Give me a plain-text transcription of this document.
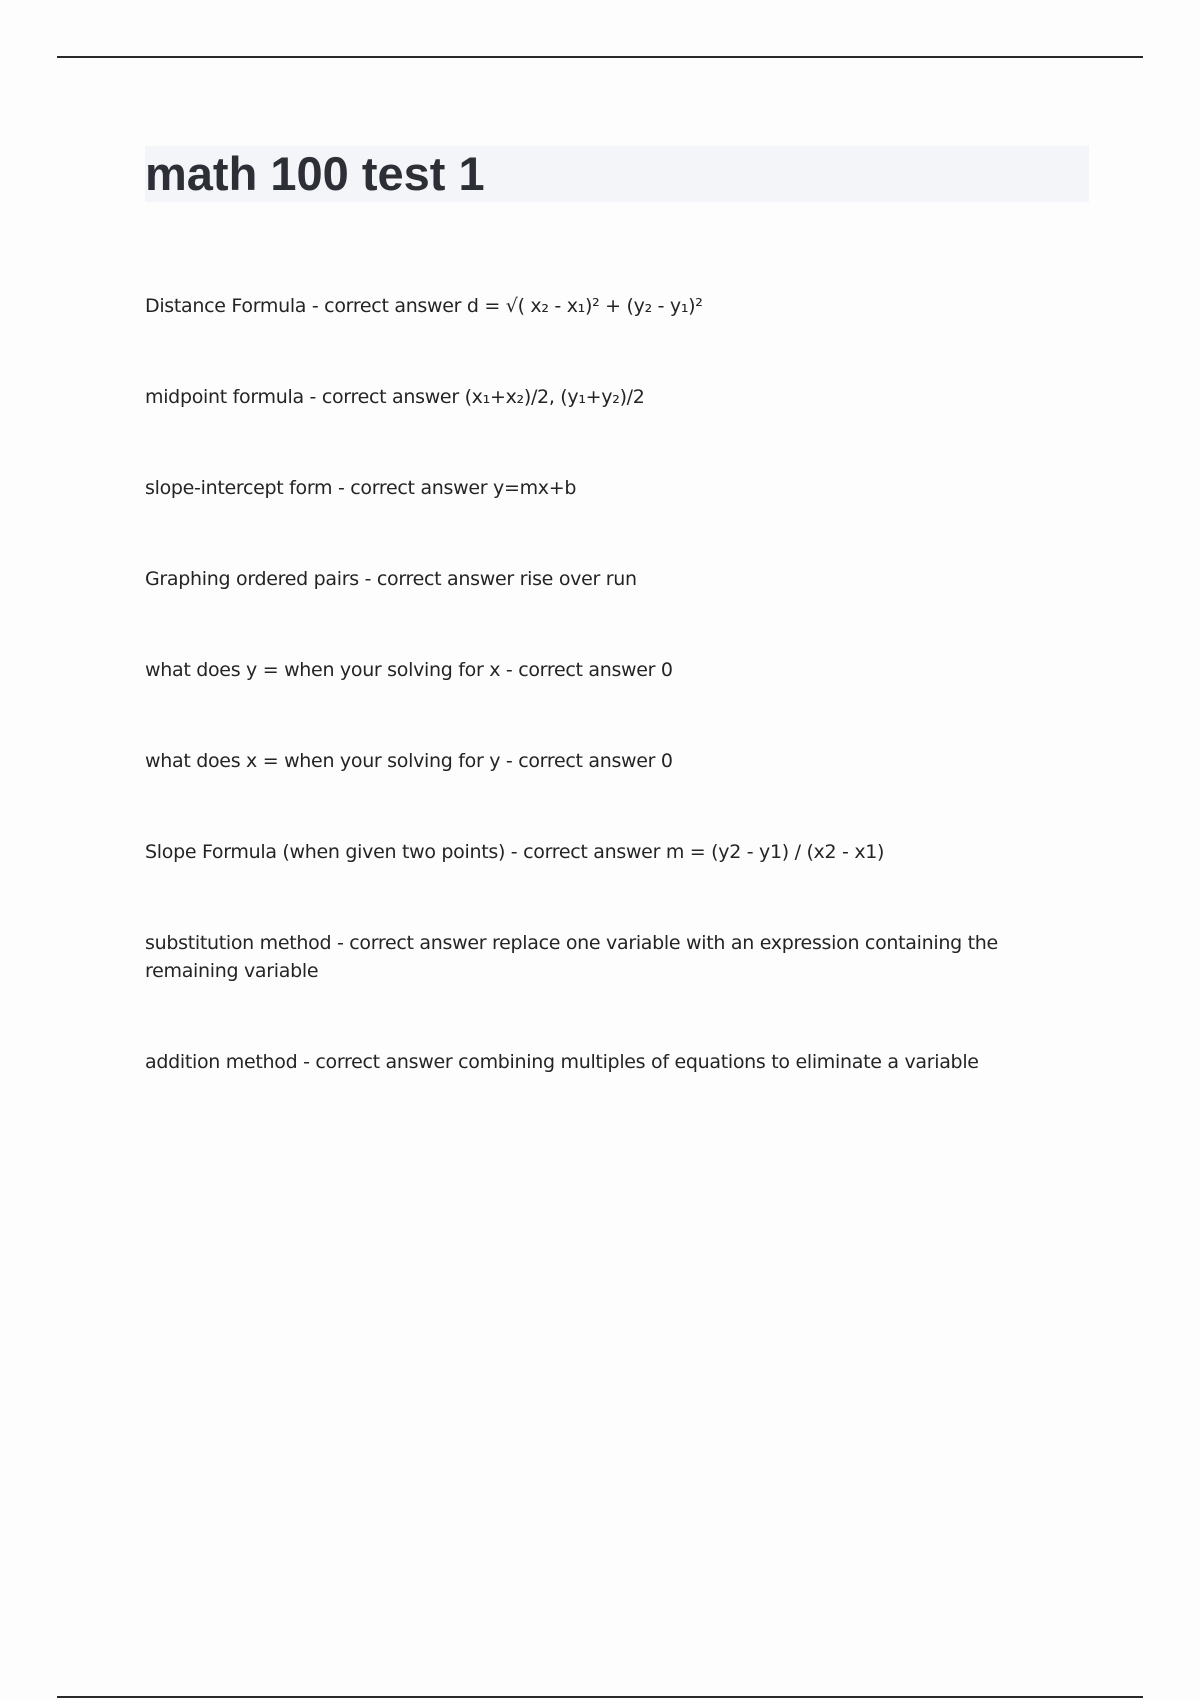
math 100 test 1

Distance Formula - correct answer d = √( x₂ - x₁)² + (y₂ - y₁)²

midpoint formula - correct answer (x₁+x₂)/2, (y₁+y₂)/2

slope-intercept form - correct answer y=mx+b

Graphing ordered pairs - correct answer rise over run

what does y = when your solving for x - correct answer 0

what does x = when your solving for y - correct answer 0

Slope Formula (when given two points) - correct answer m = (y2 - y1) / (x2 - x1)

substitution method - correct answer replace one variable with an expression containing the remaining variable

addition method - correct answer combining multiples of equations to eliminate a variable
